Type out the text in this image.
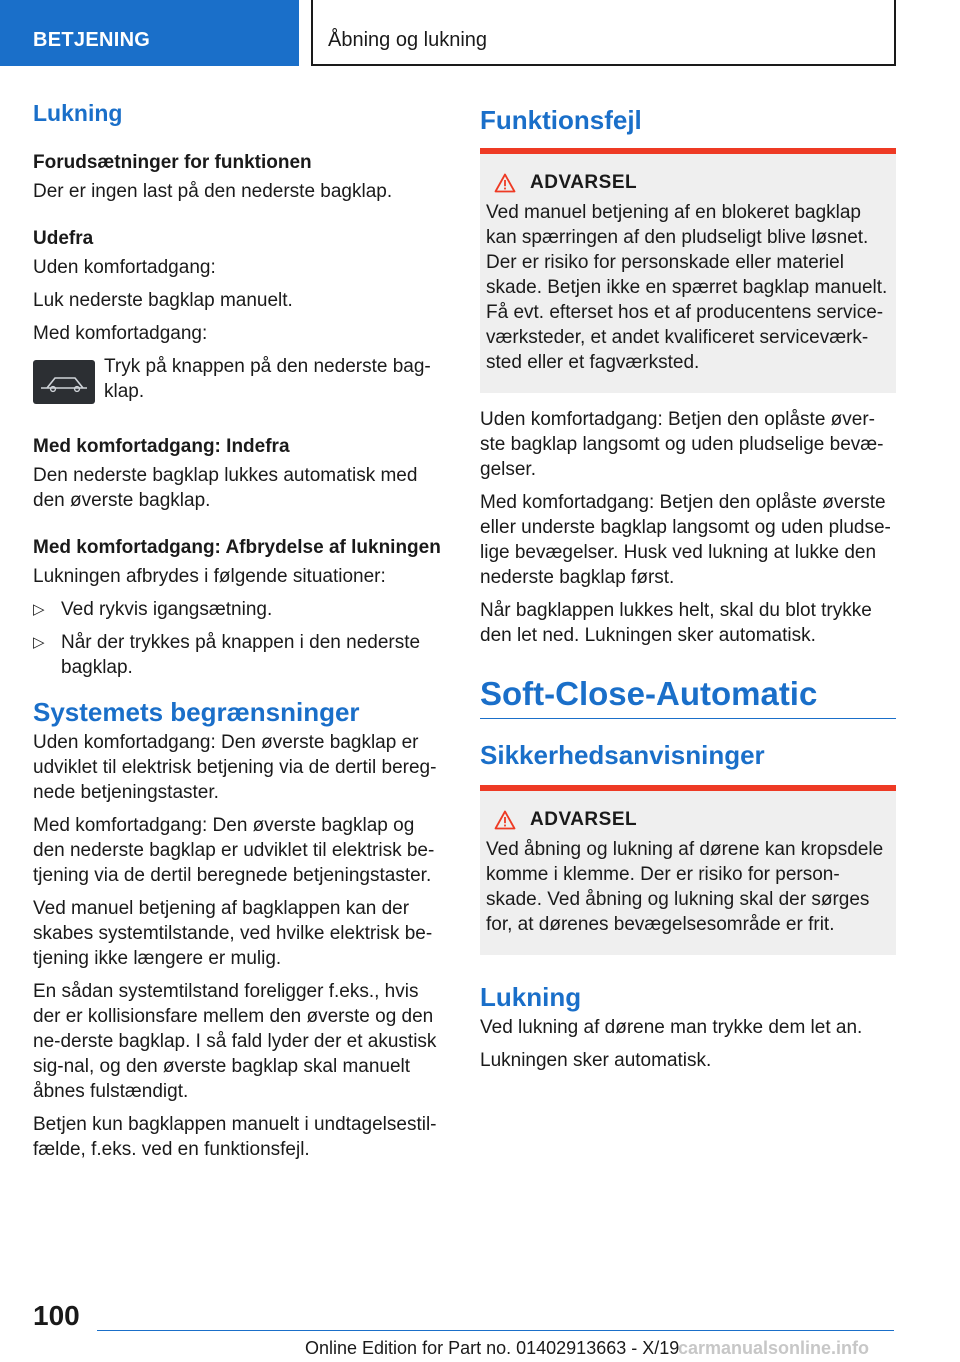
BETJENING	Åbning og lukning
Lukning
Forudsætninger for funktionen

Der er ingen last på den nederste bagklap.

Udefra

Uden komfortadgang:

Luk nederste bagklap manuelt.

Med komfortadgang:

Tryk på knappen på den nederste bag-klap.

Med komfortadgang: Indefra

Den nederste bagklap lukkes automatisk med den øverste bagklap.

Med komfortadgang: Afbrydelse af lukningen

Lukningen afbrydes i følgende situationer:

▷ Ved rykvis igangsætning.
▷ Når der trykkes på knappen i den nederste bagklap.
Systemets begrænsninger

Uden komfortadgang: Den øverste bagklap er udviklet til elektrisk betjening via de dertil bereg-nede betjeningstaster.

Med komfortadgang: Den øverste bagklap og den nederste bagklap er udviklet til elektrisk be-tjening via de dertil beregnede betjeningstaster.

Ved manuel betjening af bagklappen kan der skabes systemtilstande, ved hvilke elektrisk be-tjening ikke længere er mulig.

En sådan systemtilstand foreligger f.eks., hvis der er kollisionsfare mellem den øverste og den ne-derste bagklap. I så fald lyder der et akustisk sig-nal, og den øverste bagklap skal manuelt åbnes fulstændigt.

Betjen kun bagklappen manuelt i undtagelsestil-fælde, f.eks. ved en funktionsfejl.

Funktionsfejl
ADVARSEL

Ved manuel betjening af en blokeret bagklap kan spærringen af den pludseligt blive løsnet. Der er risiko for personskade eller materiel skade. Betjen ikke en spærret bagklap manuelt. Få evt. efterset hos et af producentens service-værksteder, et andet kvalificeret serviceværk-sted eller et fagværksted.

Uden komfortadgang: Betjen den oplåste øver-ste bagklap langsomt og uden pludselige bevæ-gelser.

Med komfortadgang: Betjen den oplåste øverste eller underste bagklap langsomt og uden pludse-lige bevægelser. Husk ved lukning at lukke den nederste bagklap først.

Når bagklappen lukkes helt, skal du blot trykke den let ned. Lukningen sker automatisk.

Soft-Close-Automatic
Sikkerhedsanvisninger
ADVARSEL

Ved åbning og lukning af dørene kan kropsdele komme i klemme. Der er risiko for person-skade. Ved åbning og lukning skal der sørges for, at dørenes bevægelsesområde er frit.

Lukning

Ved lukning af dørene man trykke dem let an.

Lukningen sker automatisk.

100
Online Edition for Part no. 01402913663 - X/19
carmanualsonline.info
